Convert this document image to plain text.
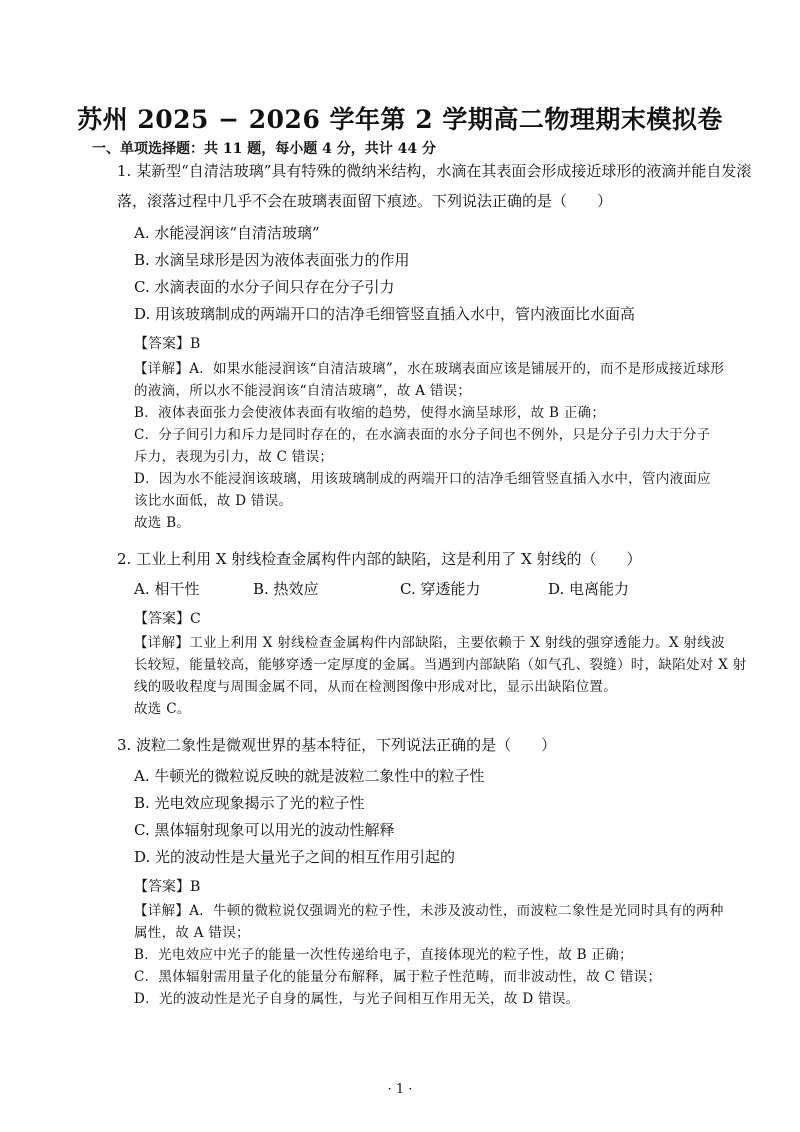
苏州 2025 − 2026 学年第 2 学期高二物理期末模拟卷
一、单项选择题：共 11 题，每小题 4 分，共计 44 分
1. 某新型“自清洁玻璃”具有特殊的微纳米结构，水滴在其表面会形成接近球形的液滴并能自发滚
落，滚落过程中几乎不会在玻璃表面留下痕迹。下列说法正确的是（　　）
A. 水能浸润该“自清洁玻璃”
B. 水滴呈球形是因为液体表面张力的作用
C. 水滴表面的水分子间只存在分子引力
D. 用该玻璃制成的两端开口的洁净毛细管竖直插入水中，管内液面比水面高
【答案】B
【详解】A．如果水能浸润该“自清洁玻璃”，水在玻璃表面应该是铺展开的，而不是形成接近球形
的液滴，所以水不能浸润该“自清洁玻璃”，故 A 错误；
B．液体表面张力会使液体表面有收缩的趋势，使得水滴呈球形，故 B 正确；
C．分子间引力和斥力是同时存在的，在水滴表面的水分子间也不例外，只是分子引力大于分子
斥力，表现为引力，故 C 错误；
D．因为水不能浸润该玻璃，用该玻璃制成的两端开口的洁净毛细管竖直插入水中，管内液面应
该比水面低，故 D 错误。
故选 B。
2. 工业上利用 X 射线检查金属构件内部的缺陷，这是利用了 X 射线的（　　）
A. 相干性	B. 热效应	C. 穿透能力	D. 电离能力
【答案】C
【详解】工业上利用 X 射线检查金属构件内部缺陷，主要依赖于 X 射线的强穿透能力。X 射线波
长较短，能量较高，能够穿透一定厚度的金属。当遇到内部缺陷（如气孔、裂缝）时，缺陷处对 X 射
线的吸收程度与周围金属不同，从而在检测图像中形成对比，显示出缺陷位置。
故选 C。
3. 波粒二象性是微观世界的基本特征，下列说法正确的是（　　）
A. 牛顿光的微粒说反映的就是波粒二象性中的粒子性
B. 光电效应现象揭示了光的粒子性
C. 黑体辐射现象可以用光的波动性解释
D. 光的波动性是大量光子之间的相互作用引起的
【答案】B
【详解】A．牛顿的微粒说仅强调光的粒子性，未涉及波动性，而波粒二象性是光同时具有的两种
属性，故 A 错误；
B．光电效应中光子的能量一次性传递给电子，直接体现光的粒子性，故 B 正确；
C．黑体辐射需用量子化的能量分布解释，属于粒子性范畴，而非波动性，故 C 错误；
D．光的波动性是光子自身的属性，与光子间相互作用无关，故 D 错误。
· 1 ·
